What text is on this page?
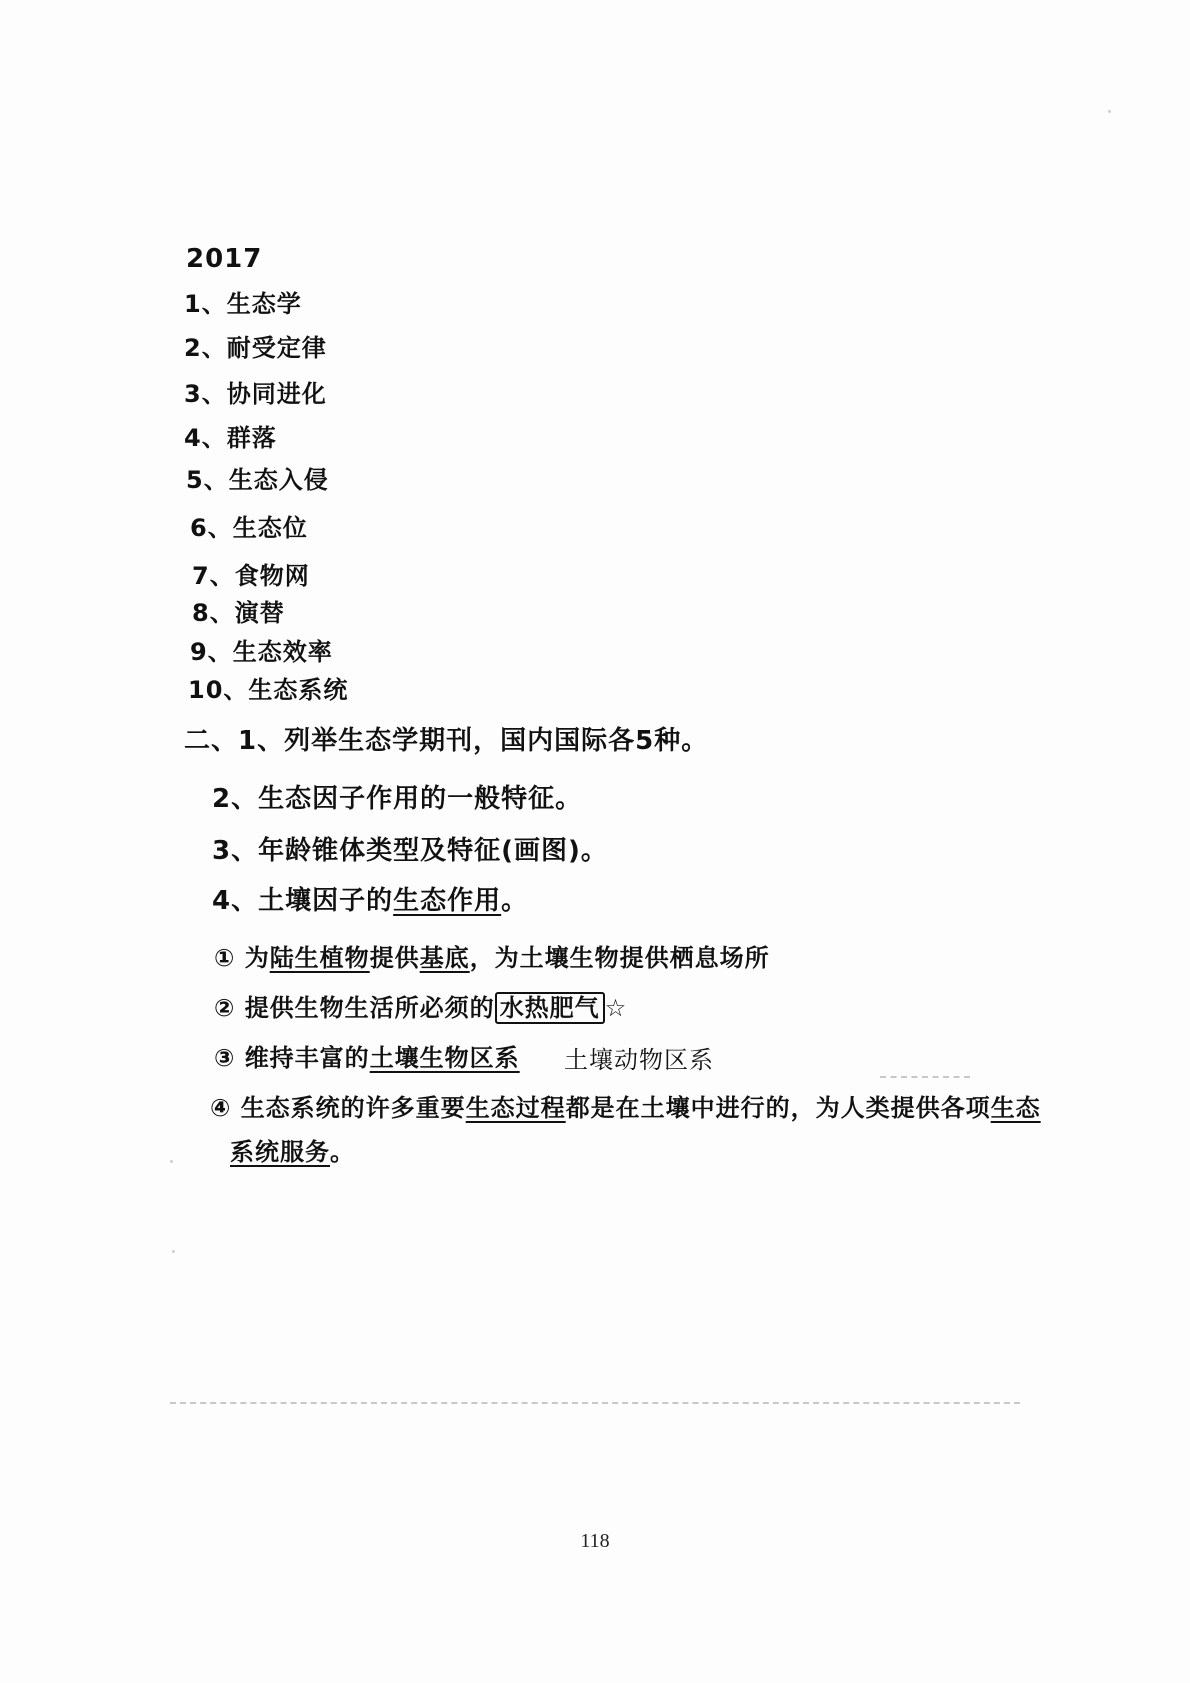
2017
1、生态学
2、耐受定律
3、协同进化
4、群落
5、生态入侵
6、生态位
7、食物网
8、演替
9、生态效率
10、生态系统
二、1、列举生态学期刊，国内国际各5种。
2、生态因子作用的一般特征。
3、年龄锥体类型及特征(画图)。
4、土壤因子的生态作用。
① 为陆生植物提供基底，为土壤生物提供栖息场所
② 提供生物生活所必须的 水热肥气 ☆
③ 维持丰富的土壤生物区系 土壤动物区系
④ 生态系统的许多重要生态过程都是在土壤中进行的，为人类提供各项生态
系统服务。
118
